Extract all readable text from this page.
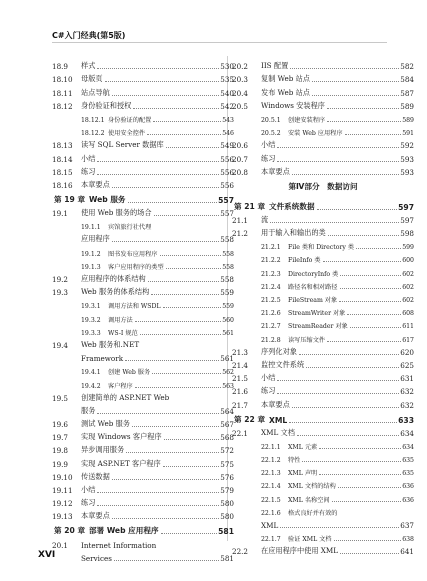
C#入门经典(第5版)
18.9	样式	530
18.10	母版页	535
18.11	站点导航	540
18.12	身份验证和授权	542
18.12.1 身份验证的配置	543
18.12.2 使用安全控件	546
18.13	读写 SQL Server 数据库	549
18.14	小结	556
18.15	练习	556
18.16	本章要点	556
第 19 章 Web 服务	557
19.1	使用 Web 服务的场合	557
19.1.1	宾馆旅行社代理
应用程序	558
19.1.2	图书发布应用程序	558
19.1.3	客户应用程序的类型	558
19.2	应用程序的体系结构	558
19.3	Web 服务的体系结构	559
19.3.1	调用方法和 WSDL	559
19.3.2	调用方法	560
19.3.3	WS-I 规范	561
19.4	Web 服务和.NET
Framework	561
19.4.1	创建 Web 服务	562
19.4.2	客户程序	563
19.5	创建简单的 ASP.NET Web
服务	564
19.6	测试 Web 服务	567
19.7	实现 Windows 客户程序	568
19.8	异步调用服务	572
19.9	实现 ASP.NET 客户程序	575
19.10	传送数据	576
19.11	小结	579
19.12	练习	580
19.13	本章要点	580
第 20 章 部署 Web 应用程序	581
20.1	Internet Information
Services	581
20.2	IIS 配置	582
20.3	复制 Web 站点	584
20.4	发布 Web 站点	587
20.5	Windows 安装程序	589
20.5.1	创建安装程序	589
20.5.2	安装 Web 应用程序	591
20.6	小结	592
20.7	练习	593
20.8	本章要点	593
第Ⅳ部分　数据访问
第 21 章 文件系统数据	597
21.1	流	597
21.2	用于输入和输出的类	598
21.2.1	File 类和 Directory 类	599
21.2.2	FileInfo 类	600
21.2.3	DirectoryInfo 类	602
21.2.4	路径名和相对路径	602
21.2.5	FileStream 对象	602
21.2.6	StreamWriter 对象	608
21.2.7	StreamReader 对象	611
21.2.8	读写压缩文件	617
21.3	序列化对象	620
21.4	监控文件系统	625
21.5	小结	631
21.6	练习	632
21.7	本章要点	632
第 22 章 XML	633
22.1	XML 文档	634
22.1.1	XML 元素	634
22.1.2	特性	635
22.1.3	XML 声明	635
22.1.4	XML 文档的结构	636
22.1.5	XML 名称空间	636
22.1.6	格式良好并有效的
XML	637
22.1.7	验证 XML 文档	638
22.2	在应用程序中使用 XML	641
XVI
